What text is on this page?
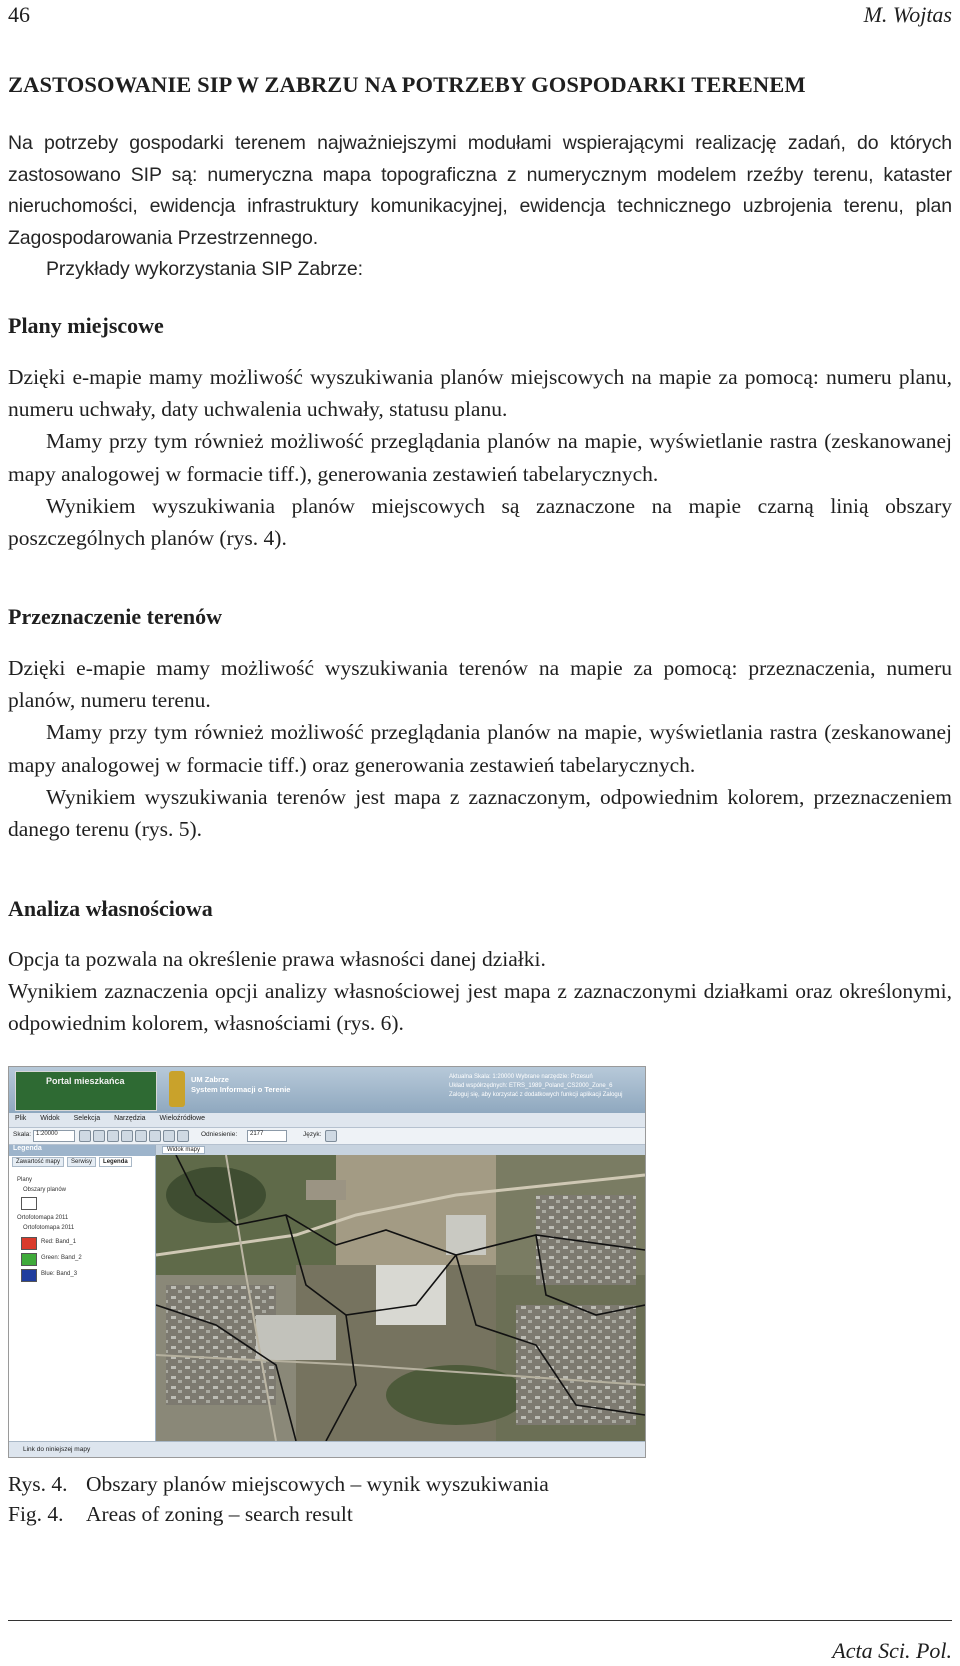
46	M. Wojtas
ZASTOSOWANIE SIP W ZABRZU NA POTRZEBY GOSPODARKI TERENEM

Na potrzeby gospodarki terenem najważniejszymi modułami wspierającymi realizację zadań, do których zastosowano SIP są: numeryczna mapa topograficzna z numerycznym modelem rzeźby terenu, kataster nieruchomości, ewidencja infrastruktury komunikacyjnej, ewidencja technicznego uzbrojenia terenu, plan Zagospodarowania Przestrzennego.

Przykłady wykorzystania SIP Zabrze:

Plany miejscowe

Dzięki e-mapie mamy możliwość wyszukiwania planów miejscowych na mapie za pomocą: numeru planu, numeru uchwały, daty uchwalenia uchwały, statusu planu.

Mamy przy tym również możliwość przeglądania planów na mapie, wyświetlanie rastra (zeskanowanej mapy analogowej w formacie tiff.), generowania zestawień tabelarycznych.

Wynikiem wyszukiwania planów miejscowych są zaznaczone na mapie czarną linią obszary poszczególnych planów (rys. 4).

Przeznaczenie terenów

Dzięki e-mapie mamy możliwość wyszukiwania terenów na mapie za pomocą: przeznaczenia, numeru planów, numeru terenu.

Mamy przy tym również możliwość przeglądania planów na mapie, wyświetlania rastra (zeskanowanej mapy analogowej w formacie tiff.) oraz generowania zestawień tabelarycznych.

Wynikiem wyszukiwania terenów jest mapa z zaznaczonym, odpowiednim kolorem, przeznaczeniem danego terenu (rys. 5).

Analiza własnościowa

Opcja ta pozwala na określenie prawa własności danej działki.

Wynikiem zaznaczenia opcji analizy własnościowej jest mapa z zaznaczonymi działkami oraz określonymi, odpowiednim kolorem, własnościami (rys. 6).

Portal mieszkańca	UM Zabrze
System Informacji o Terenie
Aktualna Skala: 1:20000 Wybrane narzędzie: Przesuń
Układ współrzędnych: ETRS_1989_Poland_CS2000_Zone_6
Zaloguj się, aby korzystać z dodatkowych funkcji aplikacji Zaloguj
Plik Widok Selekcja Narzędzia Wieloźródłowe
Skala: 1:20000	Odniesienie:	2177	Język:
Legenda
Zawartość mapy Serwisy Legenda
Plany
Obszary planów
Ortofotomapa 2011
Ortofotomapa 2011
Red: Band_1
Green: Band_2
Blue: Band_3
Widok mapy
Link do niniejszej mapy
Rys. 4. Obszary planów miejscowych – wynik wyszukiwania
Fig. 4. Areas of zoning – search result
Acta Sci. Pol.
